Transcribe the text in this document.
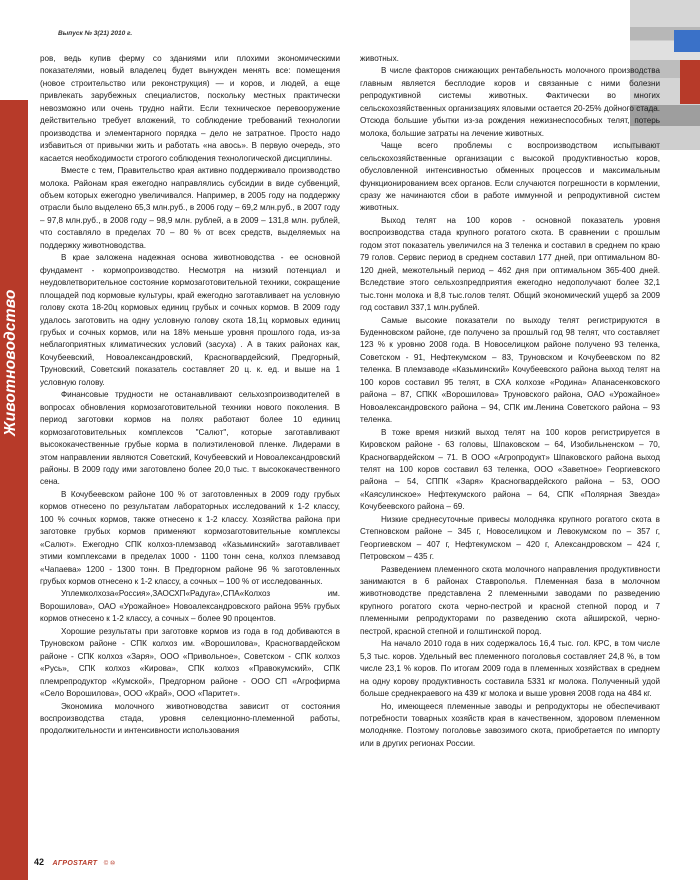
Выпуск № 3(21) 2010 г.
Животноводство

ров, ведь купив ферму со зданиями или плохими экономическими показателями, новый владелец будет вынужден менять все: помещения (новое строительство или реконструкция) — и коров, и людей, а еще привлекать зарубежных специалистов, поскольку местных практически невозможно или очень трудно найти. Если техническое перевооружение действительно требует вложений, то соблюдение требований технологии производства и элементарного порядка – дело не затратное. Просто надо избавиться от привычки жить и работать «на авось». В первую очередь, это касается необходимости строгого соблюдения технологической дисциплины.

Вместе с тем, Правительство края активно поддерживало производство молока. Районам края ежегодно направлялись субсидии в виде субвенций, объем которых ежегодно увеличивался. Например, в 2005 году на поддержку отрасли было выделено 65,3 млн.руб., в 2006 году – 69,2 млн.руб., в 2007 году – 97,8 млн.руб., в 2008 году – 98,9 млн. рублей, а в 2009 – 131,8 млн. рублей, что составляло в пределах 70 – 80 % от всех средств, выделяемых на поддержку животноводства.

В крае заложена надежная основа животноводства - ее основной фундамент - кормопроизводство. Несмотря на низкий потенциал и неудовлетворительное состояние кормозаготовительной техники, сокращение площадей под кормовые культуры, край ежегодно заготавливает на условную голову скота 18-20ц кормовых единиц грубых и сочных кормов. В 2009 году удалось заготовить на одну условную голову скота 18,1ц кормовых единиц грубых и сочных кормов, или на 18% меньше уровня прошлого года, из-за неблагоприятных климатических условий (засуха) . А в таких районах как, Кочубеевский, Новоалександровский, Красногвардейский, Предгорный, Труновский, Советский показатель составляет 20 ц. к. ед. и выше на 1 условную голову.

Финансовые трудности не останавливают сельхозпроизводителей в вопросах обновления кормозаготовительной техники нового поколения. В период заготовки кормов на полях работают более 10 единиц кормозаготовительных комплексов "Салют", которые заготавливают высококачественные грубые корма в полиэтиленовой пленке. Лидерами в этом направлении являются Советский, Кочубеевский и Новоалександровский районы. В 2009 году ими заготовлено более 20,0 тыс. т высококачественного сена.

В Кочубеевском районе 100 % от заготовленных в 2009 году грубых кормов отнесено по результатам лабораторных исследований к 1-2 классу, 100 % сочных кормов, также отнесено к 1-2 классу. Хозяйства района при заготовке грубых кормов применяют кормозаготовительные комплексы «Салют». Ежегодно СПК колхоз-племзавод «Казьминский» заготавливает этими комплексами в пределах 1000 - 1100 тонн сена, колхоз племзавод «Чапаева» 1200 - 1300 тонн. В Предгорном районе 96 % заготовленных грубых кормов отнесено к 1-2 классу, а сочных – 100 % от исследованных.

Уплемколхоза«Россия»,ЗАОСХП«Радуга»,СПА«Колхоз им. Ворошилова», ОАО «Урожайное» Новоалександровского района 95% грубых кормов отнесено к 1-2 классу, а сочных – более 90 процентов.

Хорошие результаты при заготовке кормов из года в год добиваются в Труновском районе - СПК колхоз им. «Ворошилова», Красногвардейском районе - СПК колхоз «Заря», ООО «Привольное», Советском - СПК колхоз «Русь», СПК колхоз «Кирова», СПК колхоз «Правокумский», СПК племрепродуктор «Кумской», Предгорном районе - ООО СП «Агрофирма «Село Ворошилова», ООО «Край», ООО «Паритет».

Экономика молочного животноводства зависит от состояния воспроизводства стада, уровня селекционно-племенной работы, продолжительности и интенсивности использования

животных.

В числе факторов снижающих рентабельность молочного производства главным является бесплодие коров и связанные с ними болезни репродуктивной системы животных. Фактически во многих сельскохозяйственных организациях яловыми остается 20-25% дойного стада. Отсюда большие убытки из-за рождения нежизнеспособных телят, потерь молока, большие затраты на лечение животных.

Чаще всего проблемы с воспроизводством испытывают сельскохозяйственные организации с высокой продуктивностью коров, обусловленной интенсивностью обменных процессов и максимальным функционированием всех органов. Если случаются погрешности в кормлении, сразу же начинаются сбои в работе иммунной и репродуктивной систем животных.

Выход телят на 100 коров - основной показатель уровня воспроизводства стада крупного рогатого скота. В сравнении с прошлым годом этот показатель увеличился на 3 теленка и составил в среднем по краю 79 голов. Сервис период в среднем составил 177 дней, при оптимальном 80-120 дней, межотельный период – 462 дня при оптимальном 365-400 дней. Вследствие этого сельхозпредприятия ежегодно недополучают более 32,1 тыс.тонн молока и 8,8 тыс.голов телят. Общий экономический ущерб за 2009 год составил 337,1 млн.рублей.

Самые высокие показатели по выходу телят регистрируются в Буденновском районе, где получено за прошлый год 98 телят, что составляет 123 % к уровню 2008 года. В Новоселицком районе получено 93 теленка, Советском - 91, Нефтекумском – 83, Труновском и Кочубеевском по 82 теленка. В племзаводе «Казьминский» Кочубеевского района выход телят на 100 коров составил 95 телят, в СХА колхозе «Родина» Апанасенковского района – 87, СПКК «Ворошилова» Труновского района, ОАО «Урожайное» Новоалександровского района – 94, СПК им.Ленина Советского района – 93 теленка.

В тоже время низкий выход телят на 100 коров регистрируется в Кировском районе - 63 головы, Шпаковском – 64, Изобильненском – 70, Красногвардейском – 71. В ООО «Агропродукт» Шпаковского района выход телят на 100 коров составил 63 теленка, ООО «Заветное» Георгиевского района – 54, СППК «Заря» Красногвардейского района – 53, ООО «Каясулинское» Нефтекумского района – 64, СПК «Полярная Звезда» Кочубеевского района – 69.

Низкие среднесуточные привесы молодняка крупного рогатого скота в Степновском районе – 345 г, Новоселицком и Левокумском по – 357 г, Георгиевском – 407 г, Нефтекумском – 420 г, Александровском – 424 г, Петровском – 435 г.

Разведением племенного скота молочного направления продуктивности занимаются в 6 районах Ставрополья. Племенная база в молочном животноводстве представлена 2 племенными заводами по разведению крупного рогатого скота черно-пестрой и красной степной пород и 7 племенными репродукторами по разведению скота айширской, черно-пестрой, красной степной и голштинской пород.

На начало 2010 года в них содержалось 16,4 тыс. гол. КРС, в том числе 5,3 тыс. коров. Удельный вес племенного поголовья составляет 24,8 %, в том числе 23,1 % коров. По итогам 2009 года в племенных хозяйствах в среднем на одну корову продуктивность составила 5331 кг молока. Полученный удой больше среднекраевого на 439 кг молока и выше уровня 2008 года на 484 кг.

Но, имеющееся племенные заводы и репродукторы не обеспечивают потребности товарных хозяйств края в качественном, здоровом племенном молодняке. Поэтому поголовье завозимого скота, приобретается по импорту или в других регионах России.

42 АГРОSTART © ⑩
